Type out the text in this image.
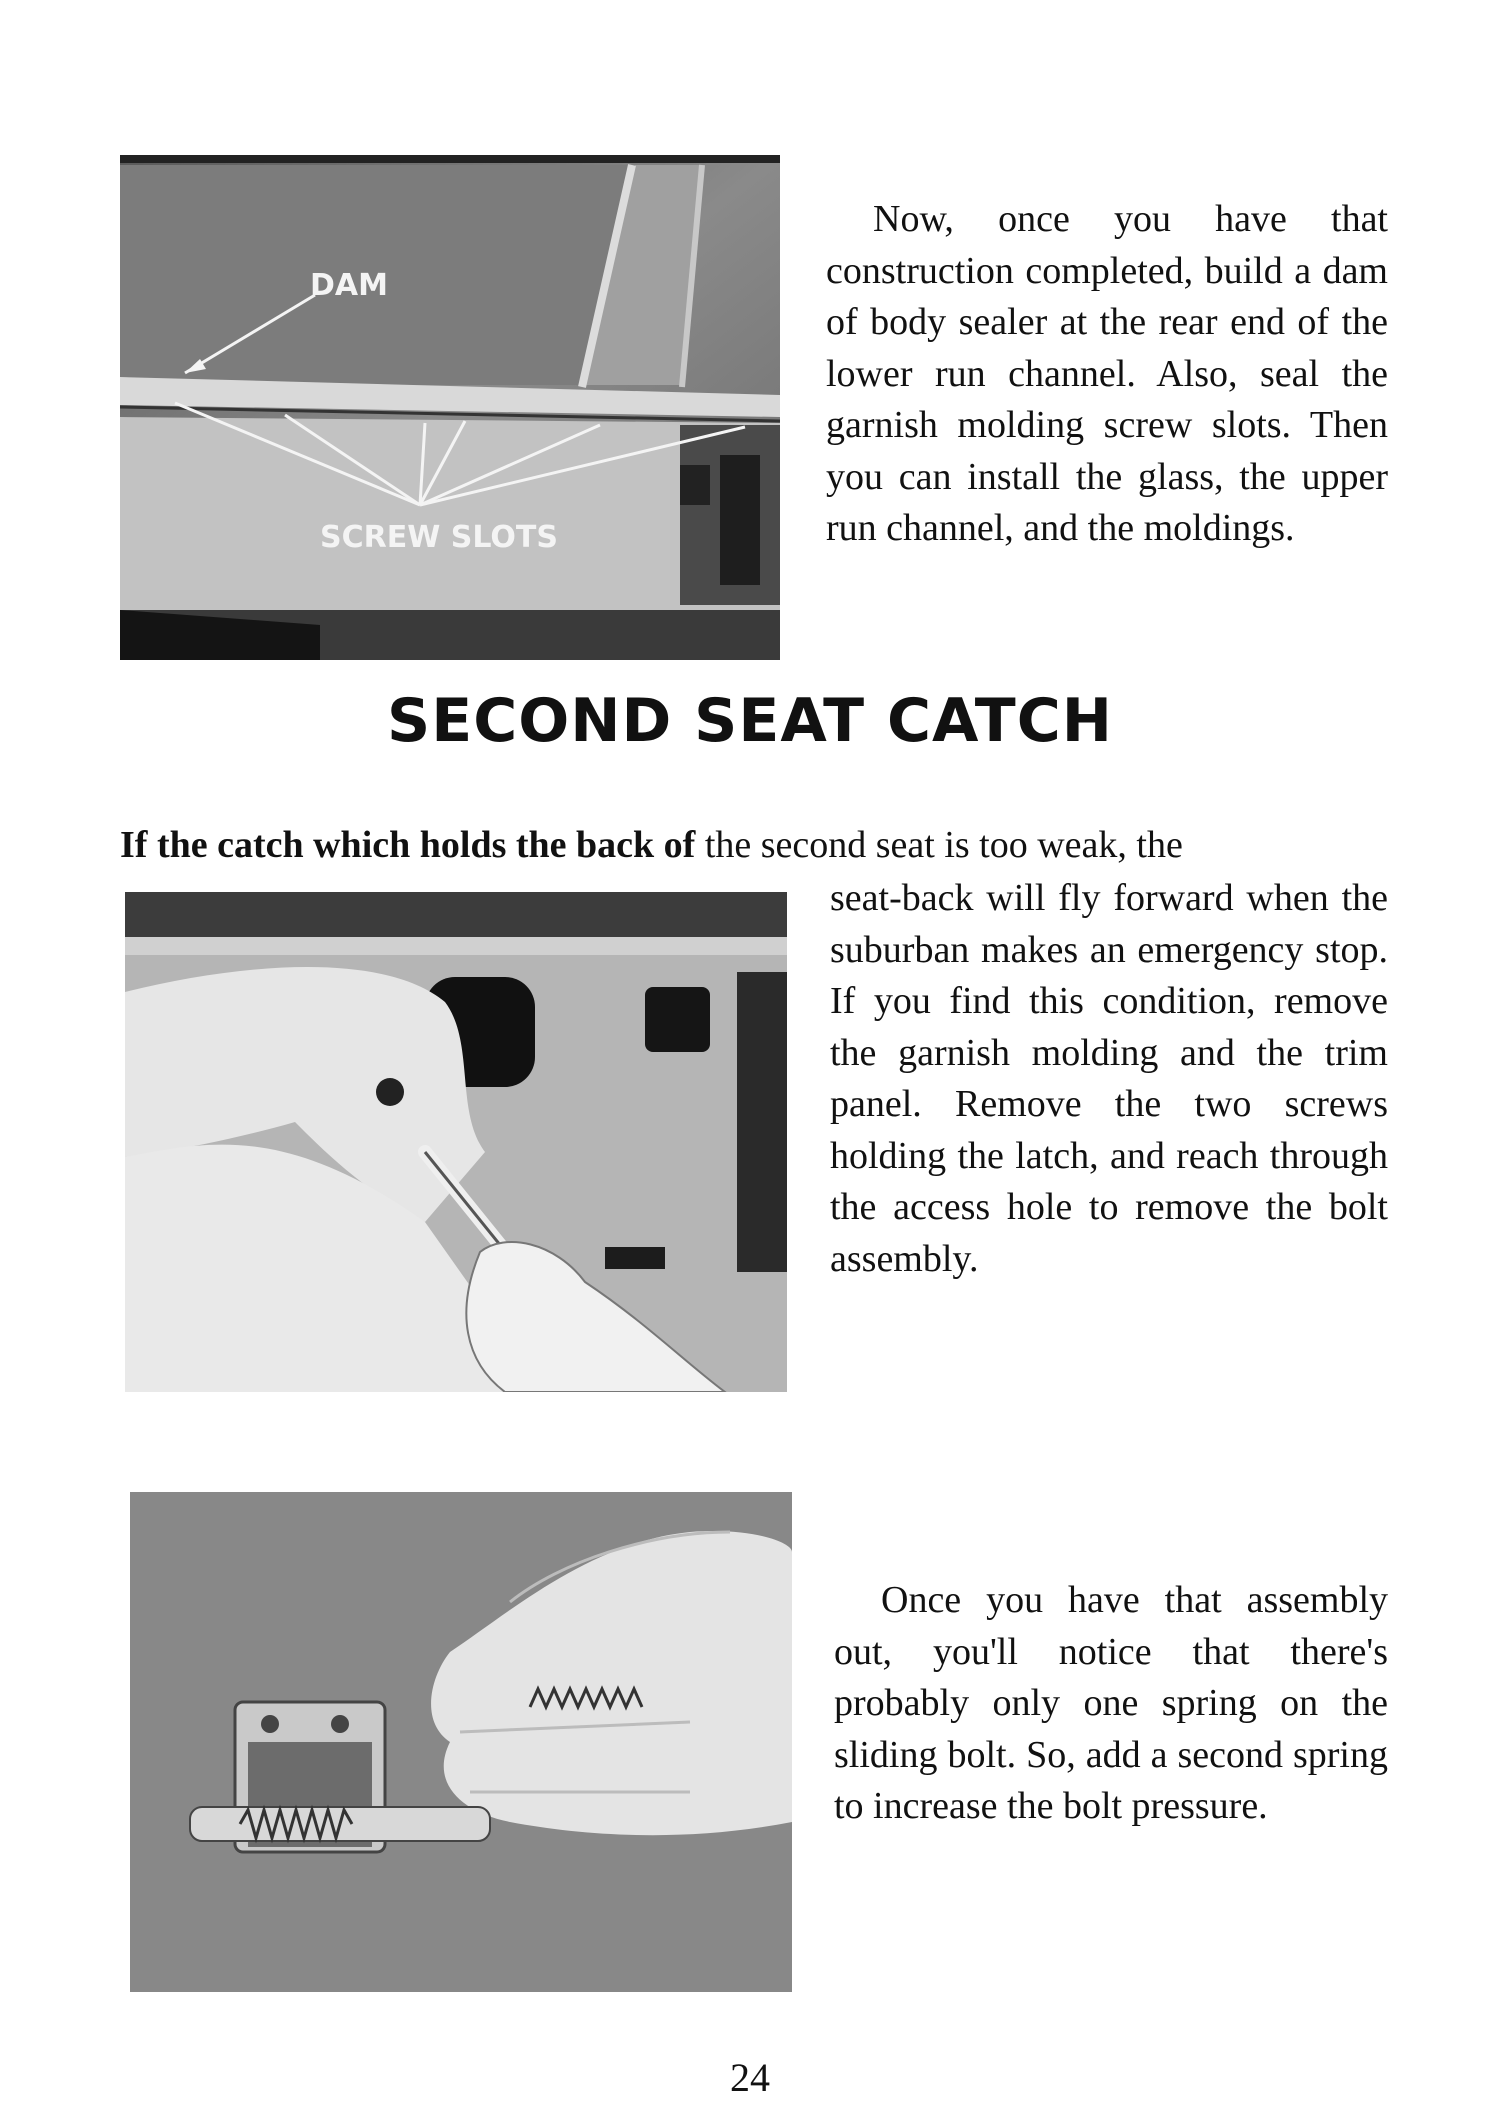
DAM
SCREW SLOTS

Now, once you have that construction completed, build a dam of body sealer at the rear end of the lower run channel. Also, seal the garnish molding screw slots. Then you can install the glass, the upper run channel, and the moldings.

SECOND SEAT CATCH

If the catch which holds the back of the second seat is too weak, the

seat-back will fly forward when the suburban makes an emergency stop. If you find this condition, remove the garnish molding and the trim panel. Remove the two screws holding the latch, and reach through the access hole to remove the bolt assembly.

Once you have that assembly out, you'll notice that there's probably only one spring on the sliding bolt. So, add a second spring to increase the bolt pressure.

24
